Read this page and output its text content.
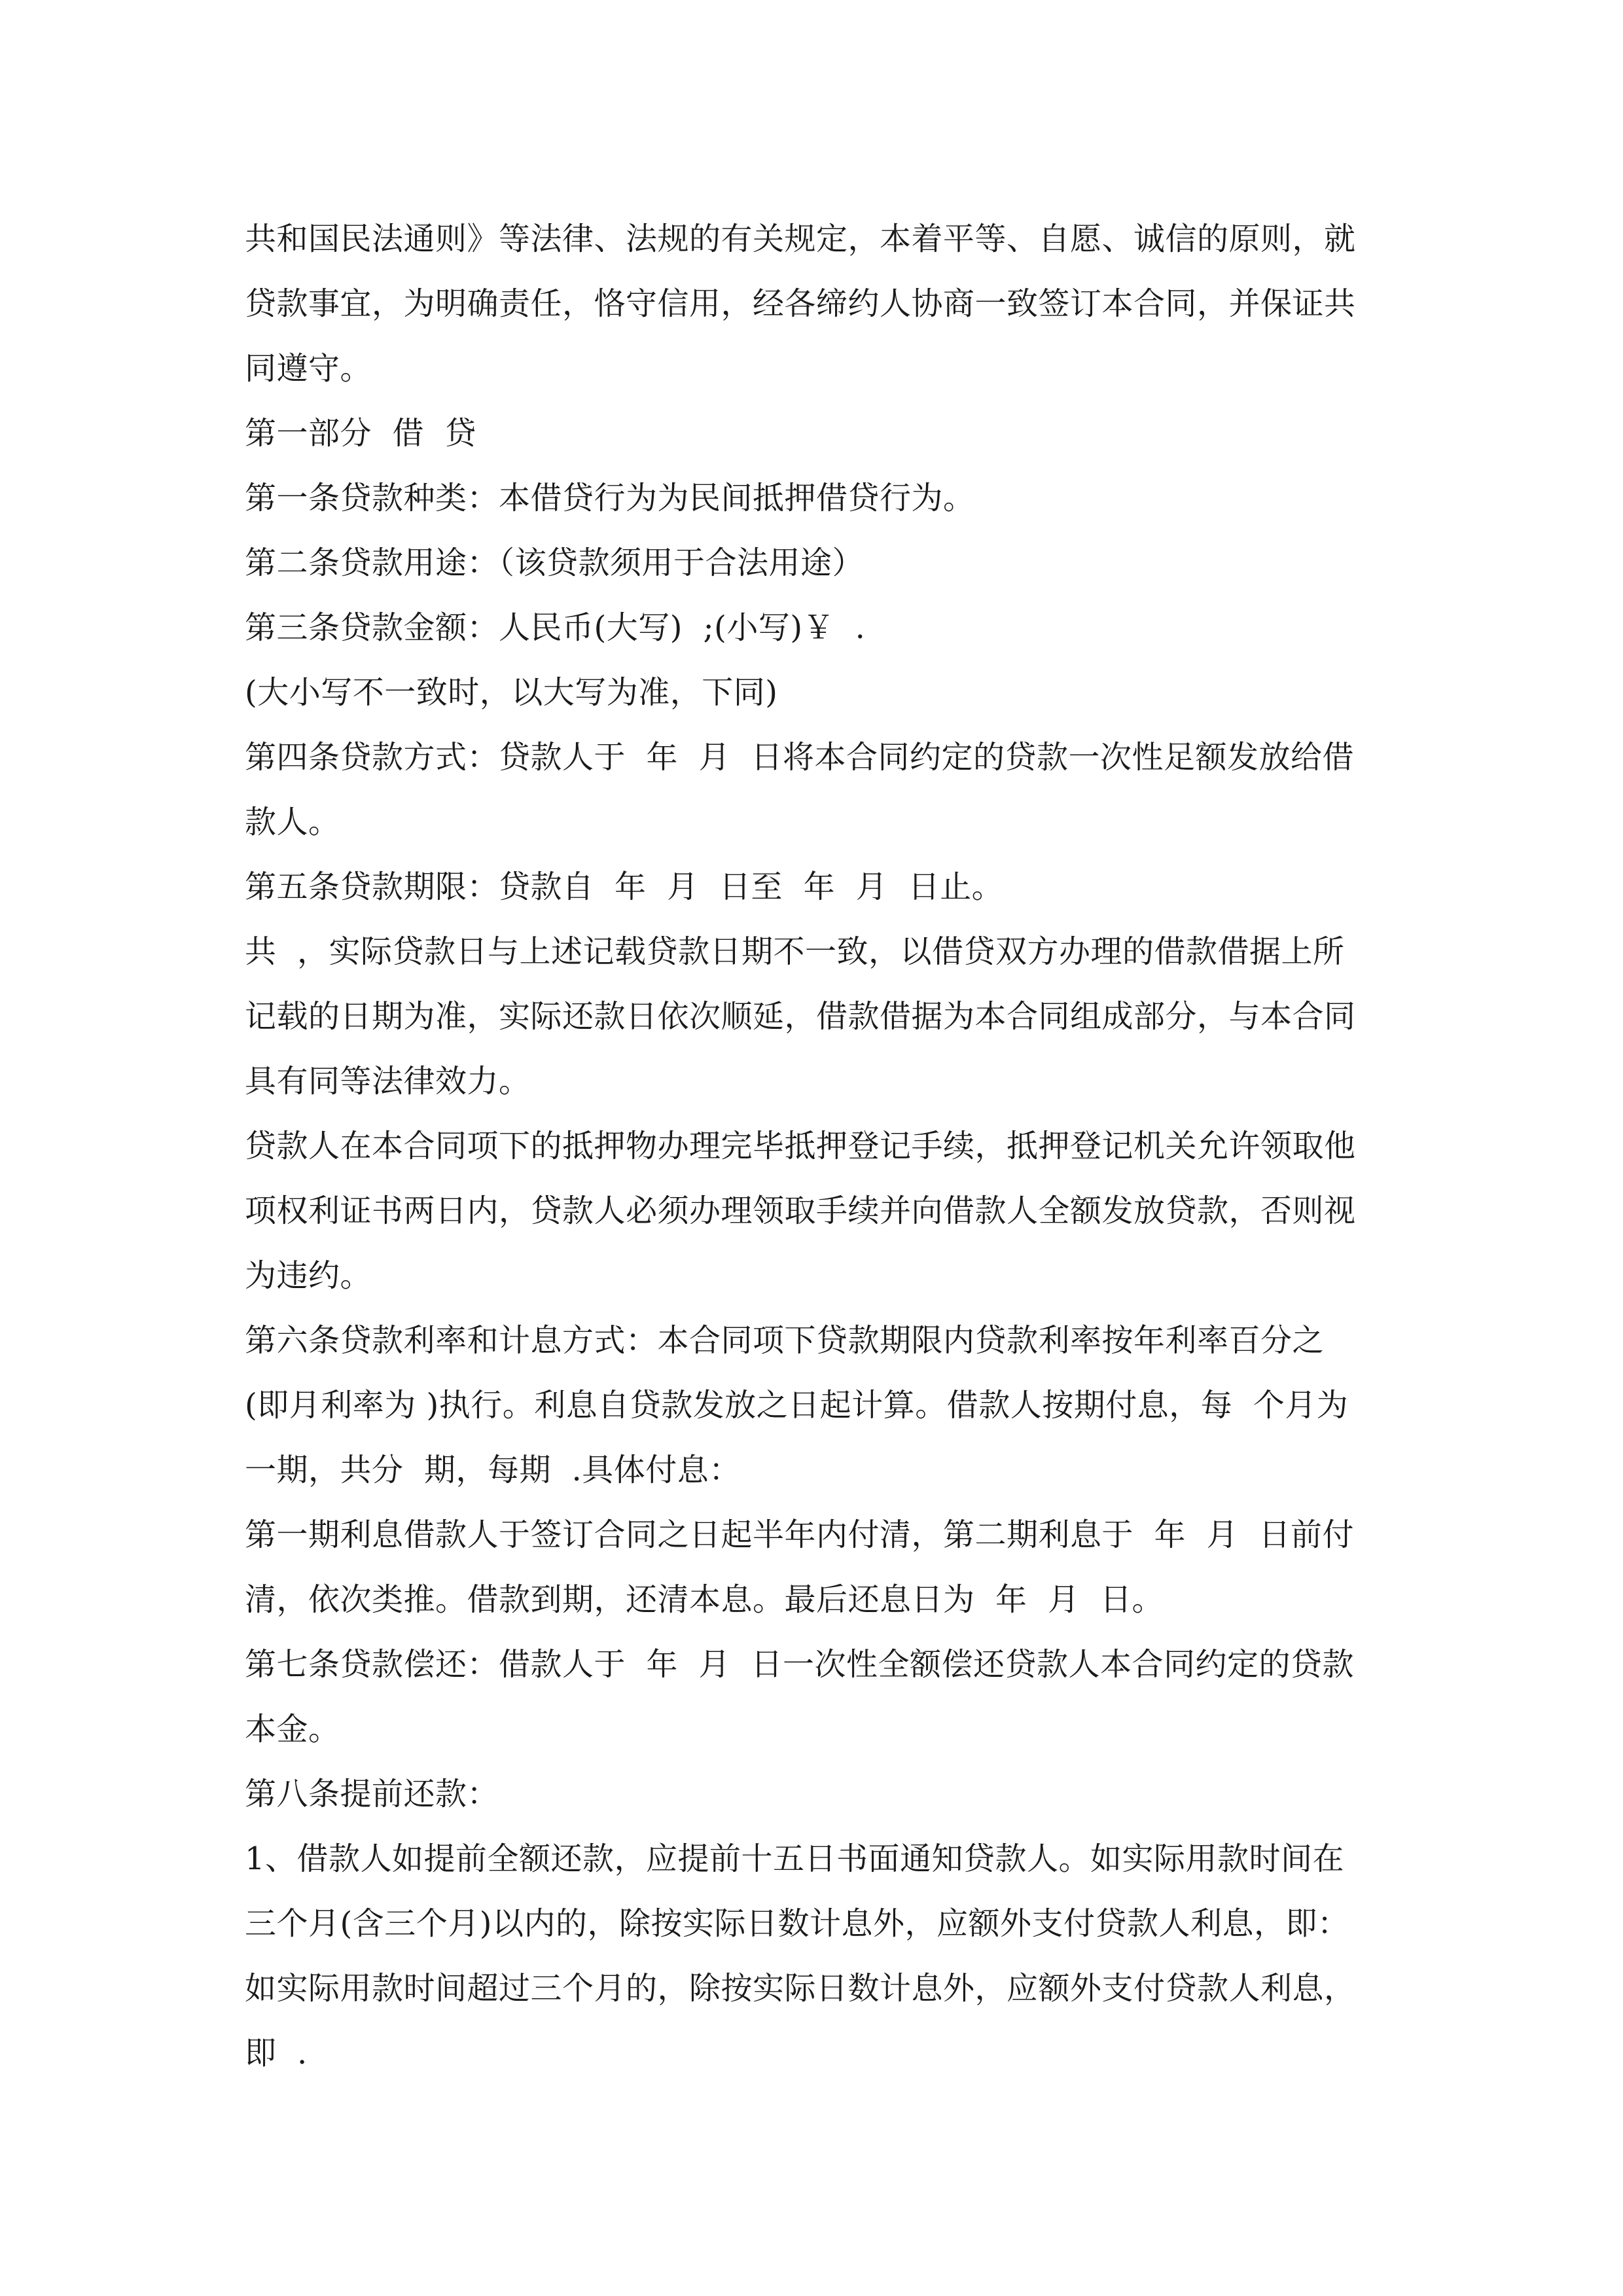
共和国民法通则》等法律、法规的有关规定，本着平等、自愿、诚信的原则，就
贷款事宜，为明确责任，恪守信用，经各缔约人协商一致签订本合同，并保证共
同遵守。
第一部分  借  贷
第一条贷款种类：本借贷行为为民间抵押借贷行为。
第二条贷款用途：（该贷款须用于合法用途）
第三条贷款金额：人民币(大写)  ;(小写)￥  .
(大小写不一致时，以大写为准，下同)
第四条贷款方式：贷款人于  年  月  日将本合同约定的贷款一次性足额发放给借
款人。
第五条贷款期限：贷款自  年  月  日至  年  月  日止。
共  ，实际贷款日与上述记载贷款日期不一致，以借贷双方办理的借款借据上所
记载的日期为准，实际还款日依次顺延，借款借据为本合同组成部分，与本合同
具有同等法律效力。
贷款人在本合同项下的抵押物办理完毕抵押登记手续，抵押登记机关允许领取他
项权利证书两日内，贷款人必须办理领取手续并向借款人全额发放贷款，否则视
为违约。
第六条贷款利率和计息方式：本合同项下贷款期限内贷款利率按年利率百分之
(即月利率为 )执行。利息自贷款发放之日起计算。借款人按期付息，每  个月为
一期，共分  期，每期  .具体付息：
第一期利息借款人于签订合同之日起半年内付清，第二期利息于  年  月  日前付
清，依次类推。借款到期，还清本息。最后还息日为  年  月  日。
第七条贷款偿还：借款人于  年  月  日一次性全额偿还贷款人本合同约定的贷款
本金。
第八条提前还款：
1、借款人如提前全额还款，应提前十五日书面通知贷款人。如实际用款时间在
三个月(含三个月)以内的，除按实际日数计息外，应额外支付贷款人利息，即：
如实际用款时间超过三个月的，除按实际日数计息外，应额外支付贷款人利息，
即  .
